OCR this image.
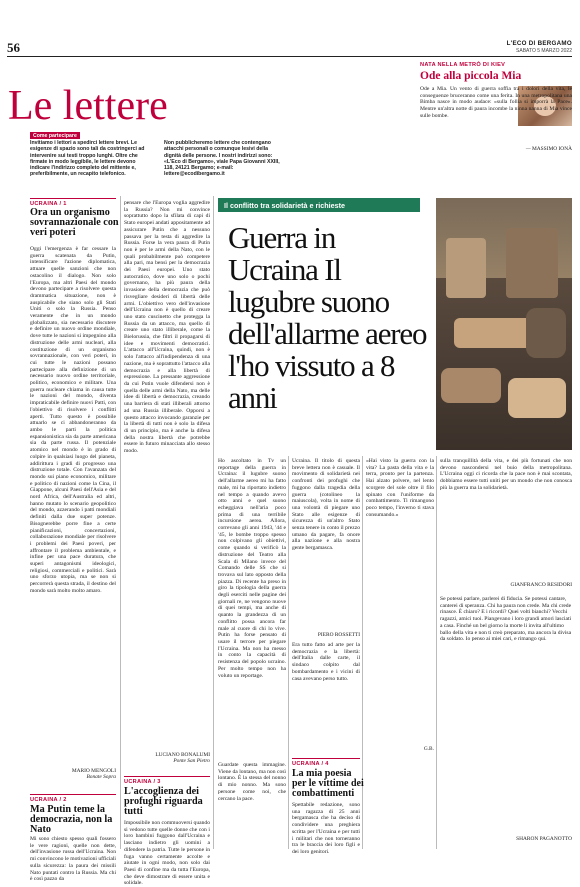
56	L'ECO DI BERGAMO
SABATO 5 MARZO 2022
Le lettere
Come partecipare
Invitiamo i lettori a spedirci lettere brevi. Le esigenze di spazio sono tali da costringerci ad intervenire sui testi troppo lunghi. Oltre che firmate in modo leggibile, le lettere devono indicare l'indirizzo completo del mittente e, preferibilmente, un recapito telefonico.
Non pubblicheremo lettere che contengano attacchi personali o comunque lesivi della dignità delle persone. I nostri indirizzi sono: «L'Eco di Bergamo», viale Papa Giovanni XXIII, 118, 24121 Bergamo; e-mail: lettere@ecodibergamo.it
NATA NELLA METRÒ DI KIEV
Ode alla piccola Mia
Ode a Mia. Un vento di guerra soffia tra i dolori della vita, le conseguenze bruceranno come una ferita. In una metropolitana una Bimba nasce in modo audace: «sulla follia si imporrà la Pace». Mentre un'altra notte di paura incombe la ninna nanna di Mia vince sulle bombe.
— MASSIMO IONÀ
UCRAINA / 1
Ora un organismo sovrannazionale con veri poteri
Oggi l'emergenza è far cessare la guerra scatenata da Putin, intensificare l'azione diplomatica, attuare quelle sanzioni che non ostacolino il dialogo. Non solo l'Europa, ma altri Paesi del mondo devono partecipare a risolvere questa drammatica situazione, non è auspicabile che siano solo gli Stati Uniti o solo la Russia. Penso veramente che in un mondo globalizzato, sia necessario discutere e definire un nuovo ordine mondiale, dove tutte le nazioni si impegnino alla distruzione delle armi nucleari, alla costituzione di un organismo sovrannazionale, con veri poteri, in cui tutte le nazioni possano partecipare alla definizione di un necessario nuovo ordine territoriale, politico, economico e militare. Una guerra nucleare chiama in causa tutte le nazioni del mondo, diventa impraticabile definire nuovi Patti, con l'obiettivo di risolvere i conflitti aperti. Tutto questo è possibile attuarlo se ci abbandoneranno da ambo le parti la politica espansionistica sia da parte americana sia da parte russa. Il potenziale atomico nel mondo è in grado di colpire in qualsiasi luogo del pianeta, addirittura i gradi di progresso una distruzione totale. Con l'avanzata del mondo sui piano economico, militare e politico di nazioni come la Cina, il Giappone, alcuni Paesi dell'Asia e del nord Africa, dell'Australia ed altri, hanno mutato lo scenario geopolitico del mondo, azzerando i patti mondiali definiti dalla due super potenze. Bisognerebbe porre fine a certe pianificazioni, concertazioni, collaborazione mondiale per risolvere i problemi dei Paesi poveri, per affrontare il problema ambientale, e infine per una pace duratura, che superi antagonismi ideologici, religiosi, commerciali e politici. Sarà uno sforzo utopia, ma se non si percorrerà questa strada, il destino del mondo sarà molto molto amaro.
MARIO MENGOLI
Bonate Sopra
UCRAINA / 2
Ma Putin teme la democrazia, non la Nato
Mi sono chiesto spesso quali fossero le vere ragioni, quelle non dette, dell'invasione russa dell'Ucraina. Non mi convincono le motivazioni ufficiali sulla sicurezza: la paura dei missili Nato puntati contro la Russia. Ma chi è così pazzo da
pensare che l'Europa voglia aggredire la Russia? Non mi convince soprattutto dopo la sfilata di capi di Stato europei andati appositamente ad assicurare Putin che a nessuno passava per la testa di aggredire la Russia. Forse la vera paura di Putin non è per le armi della Nato, con le quali probabilmente può competere alla pari, ma bensì per la democrazia dei Paesi europei. Uno stato autocratico, dove uno solo o pochi governano, ha più paura della invasione della democrazia che può risvegliare desideri di libertà delle armi. L'obiettivo vero dell'invasione dell'Ucraina non è quello di creare uno stato cuscinetto che protegga la Russia da un attacco, ma quello di creare uno stato illiberale, come la Bielorussia, che filtri il propagarsi di idee e movimenti democratici. L'attacco all'Ucraina, quindi, non è solo l'attacco all'indipendenza di una nazione, ma è soprattutto l'attacco alla democrazia e alla libertà di espressione. La pressante aggressione da cui Putin vuole difendersi non è quella delle armi della Nato, ma delle idee di libertà e democrazia, creando una barriera di stati illiberali attorno ad una Russia illiberale. Opporsi a questo attacco invocando garanzie per la libertà di tutti non è solo la difesa di un principio, ma è anche la difesa della nostra libertà che potrebbe essere in futuro minacciata allo stesso modo.
LUCIANO BONALUMI
Ponte San Pietro
UCRAINA / 3
L'accoglienza dei profughi riguarda tutti
Impossibile non commuoversi quando si vedono tutte quelle donne che con i loro bambini fuggono dall'Ucraina e lasciano indietro gli uomini a difendere la patria. Tutte le persone in fuga vanno certamente accolte e aiutate in ogni modo, non solo dai Paesi di confine ma da tutta l'Europa, che deve dimostrare di essere unita e solidale.
Il conflitto tra solidarietà e richieste
Guerra in Ucraina Il lugubre suono dell'allarme aereo l'ho vissuto a 8 anni
Ho ascoltato in Tv un reportage della guerra in Ucraina: il lugubre suono dell'allarme aereo mi ha fatto male, mi ha riportato indietro nel tempo a quando avevo otto anni e quel suono echeggiava nell'aria poco prima di una terribile incursione aerea. Allora, correvano gli anni 1943, '44 e '45, le bombe troppo spesso non colpivano gli obiettivi, come quando si verificò la distruzione del Teatro alla Scala di Milano invece del Comando delle SS che si trovava sul lato opposto della piazza. Di recente ha preso in giro la tipologia della guerra degli eserciti nelle pagine dei giornali re, ne vengono nuove di quei tempi, ma anche di quanto la grandezza di un conflitto possa ancora far male al cuore di chi lo vive. Putin ha forse pensato di usare il terrore per piegare l'Ucraina. Ma non ha messo in conto la capacità di resistenza del popolo ucraino. Per molto tempo non ha voluto un reportage.
Ucraina. Il titolo di questa breve lettera non è casuale. Il movimento di solidarietà nei confronti dei profughi che fuggono dalla tragedia della guerra (cotolineo la maiuscola), volta in nome di una volontà di piegare uno Stato alle esigenze di sicurezza di un'altro Stato senza tenere in conto il prezzo umano da pagare, fa onore alla nazione e alla nostra gente bergamasca.
PIERO ROSSETTI
Era tutto fatto ad arte per la democrazia e la libertà: dell'Italia dalle carte, il sindaco colpito dal bombardamento e i vicini di casa avevano perso tutto.
«Hai visto la guerra con la vita? La pasta della vita e la terra, pronto per la partenza. Hai alzato polvere, nel lento scorgere del sole oltre il filo spinato con l'uniforme da combattimento. Ti rimangono poco tempo, l'inverno ti stava consumando.»
G.B.
sulla tranquillità della vita, e dei più fortunati che non devono nascondersi nel buio della metropolitana. L'Ucraina oggi ci ricorda che la pace non è mai scontata, dobbiamo essere tutti uniti per un mondo che non conosca più la guerra ma la solidarietà.
GIANFRANCO RESIDORI
Se potessi parlare, parlerei di fiducia. Se potessi cantare, canterei di speranza. Chi ha paura non crede. Ma chi crede rinasce. È chiaro? E i ricordi? Quei volti bianchi? Vecchi ragazzi, amici tuoi. Piangevano i loro grandi amori lasciati a casa. Finché un bel giorno la morte li invita all'ultimo ballo della vita e non ti creò preparato, ma ancora la divisa da soldato. Io penso ai miei cari, e rimango qui.
SHARON PAGANOTTO
UCRAINA / 4
La mia poesia per le vittime dei combattimenti
Spettabile redazione, sono una ragazza di 25 anni bergamasca che ha deciso di condividere una preghiera scritta per l'Ucraina e per tutti i militari che non torneranno tra le braccia dei loro figli e dei loro genitori.
Guardate questa immagine. Viene da lontano, ma non così lontano. È la stessa del nonno di mio nonno. Ma sono persone come noi, che cercano la pace.
